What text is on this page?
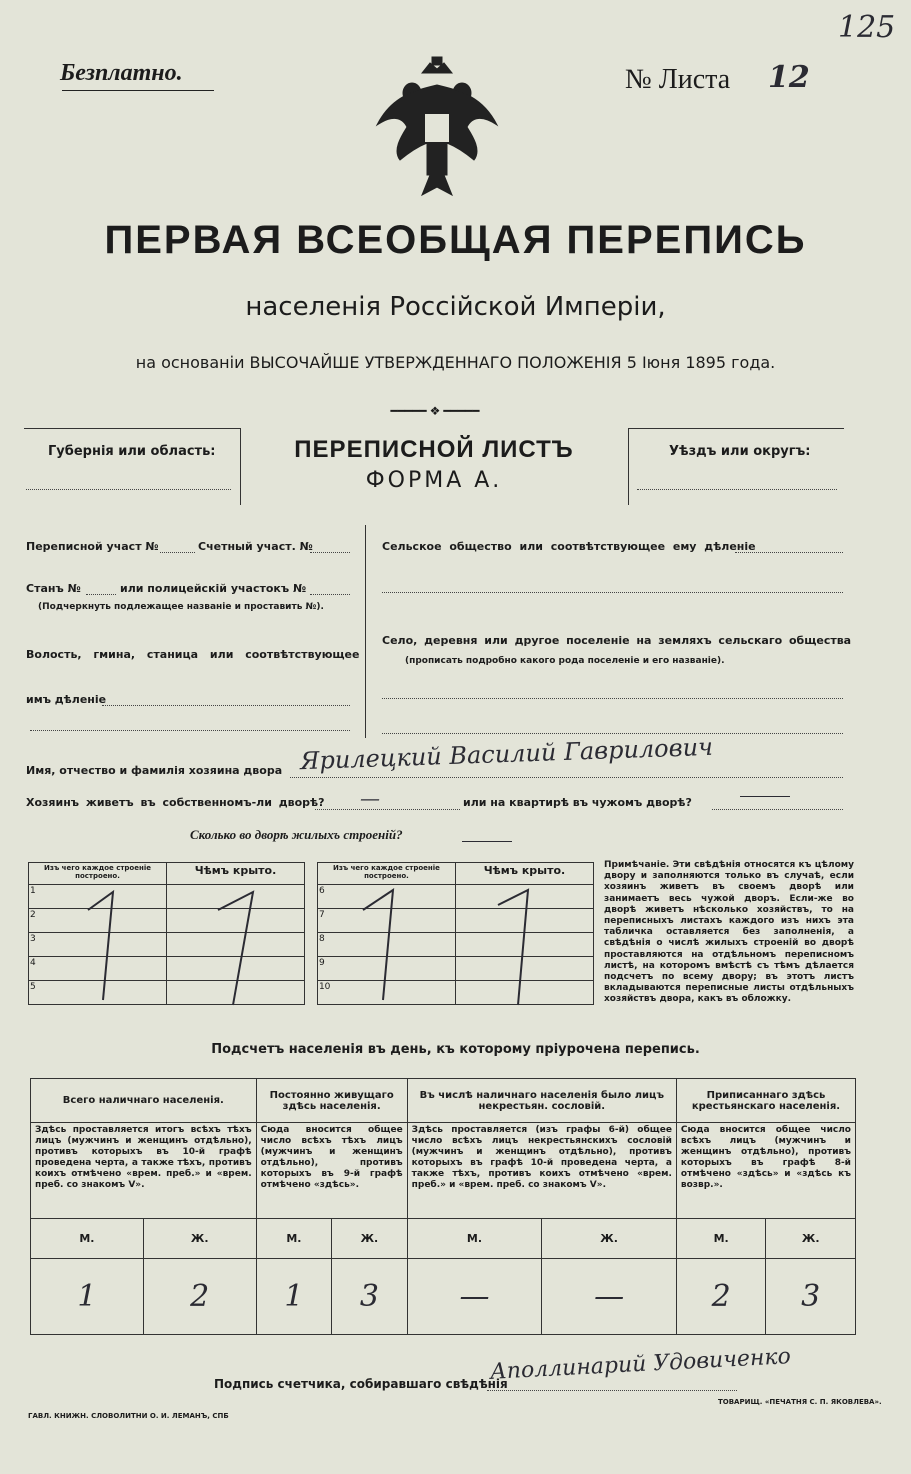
125
Безплатно.	№ Листа 12
ПЕРВАЯ ВСЕОБЩАЯ ПЕРЕПИСЬ
населенія Россійской Имперіи,
на основаніи ВЫСОЧАЙШЕ УТВЕРЖДЕННАГО ПОЛОЖЕНІЯ 5 Іюня 1895 года.
━━━━━ ❖ ━━━━━
Губернія или область:	ПЕРЕПИСНОЙ ЛИСТЪ
ФОРМА А.
Уѣздъ или округъ:
Переписной участ №	Счетный участ. №
Станъ №	или полицейскій участокъ №
(Подчеркнуть подлежащее названіе и проставить №).
Волость, гмина, станица или соотвѣтствующее
имъ дѣленіе
Сельское общество или соотвѣтствующее ему дѣленіе
Село, деревня или другое поселеніе на земляхъ сельскаго общества
(прописать подробно какого рода поселеніе и его названіе).
Имя, отчество и фамилія хозяина двора Ярилецкий Василий Гаврилович
Хозяинъ живетъ въ собственномъ-ли дворѣ? —	или на квартирѣ въ чужомъ дворѣ?
Сколько во дворѣ жилыхъ строеній?
Изъ чего каждое строеніе построено.	Чѣмъ крыто.		Изъ чего каждое строеніе построено.	Чѣмъ крыто.
1			6	
2			7	
3			8	
4			9	
5			10	
Примѣчаніе. Эти свѣдѣнія относятся къ цѣлому двору и заполняются только въ случаѣ, если хозяинъ живетъ въ своемъ дворѣ или занимаетъ весь чужой дворъ. Если-же во дворѣ живетъ нѣсколько хозяйствъ, то на переписныхъ листахъ каждого изъ нихъ эта табличка оставляется без заполненія, а свѣдѣнія о числѣ жилыхъ строеній во дворѣ проставляются на отдѣльномъ переписномъ листѣ, на которомъ вмѣстѣ съ тѣмъ дѣлается подсчетъ по всему двору; въ этотъ листъ вкладываются переписные листы отдѣльныхъ хозяйствъ двора, какъ въ обложку.
Подсчетъ населенія въ день, къ которому пріурочена перепись.
Всего наличнаго населенія.		Постоянно живущаго здѣсь населенія.		Въ числѣ наличнаго населенія было лицъ некрестьян. сословій.		Приписаннаго здѣсь крестьянскаго населенія.	
Здѣсь проставляется итогъ всѣхъ тѣхъ лицъ (мужчинъ и женщинъ отдѣльно), противъ которыхъ въ 10-й графѣ проведена черта, а также тѣхъ, противъ коихъ отмѣчено «врем. преб.» и «врем. преб. со знакомъ V».		Сюда вносится общее число всѣхъ тѣхъ лицъ (мужчинъ и женщинъ отдѣльно), противъ которыхъ въ 9-й графѣ отмѣчено «здѣсь».		Здѣсь проставляется (изъ графы 6-й) общее число всѣхъ лицъ некрестьянскихъ сословій (мужчинъ и женщинъ отдѣльно), противъ которыхъ въ графѣ 10-й проведена черта, а также тѣхъ, противъ коихъ отмѣчено «врем. преб.» и «врем. преб. со знакомъ V».		Сюда вносится общее число всѣхъ лицъ (мужчинъ и женщинъ отдѣльно), противъ которыхъ въ графѣ 8-й отмѣчено «здѣсь» и «здѣсь къ возвр.».	
М.	Ж.	М.	Ж.	М.	Ж.	М.	Ж.
1	2	1	3	—	—	2	3
Подпись счетчика, собиравшаго свѣдѣнія
Аполлинарий Удовиченко
ГАВЛ. КНИЖН. СЛОВОЛИТНИ О. И. ЛЕМАНЪ, СПБ
ТОВАРИЩ. «ПЕЧАТНЯ С. П. ЯКОВЛЕВА».
